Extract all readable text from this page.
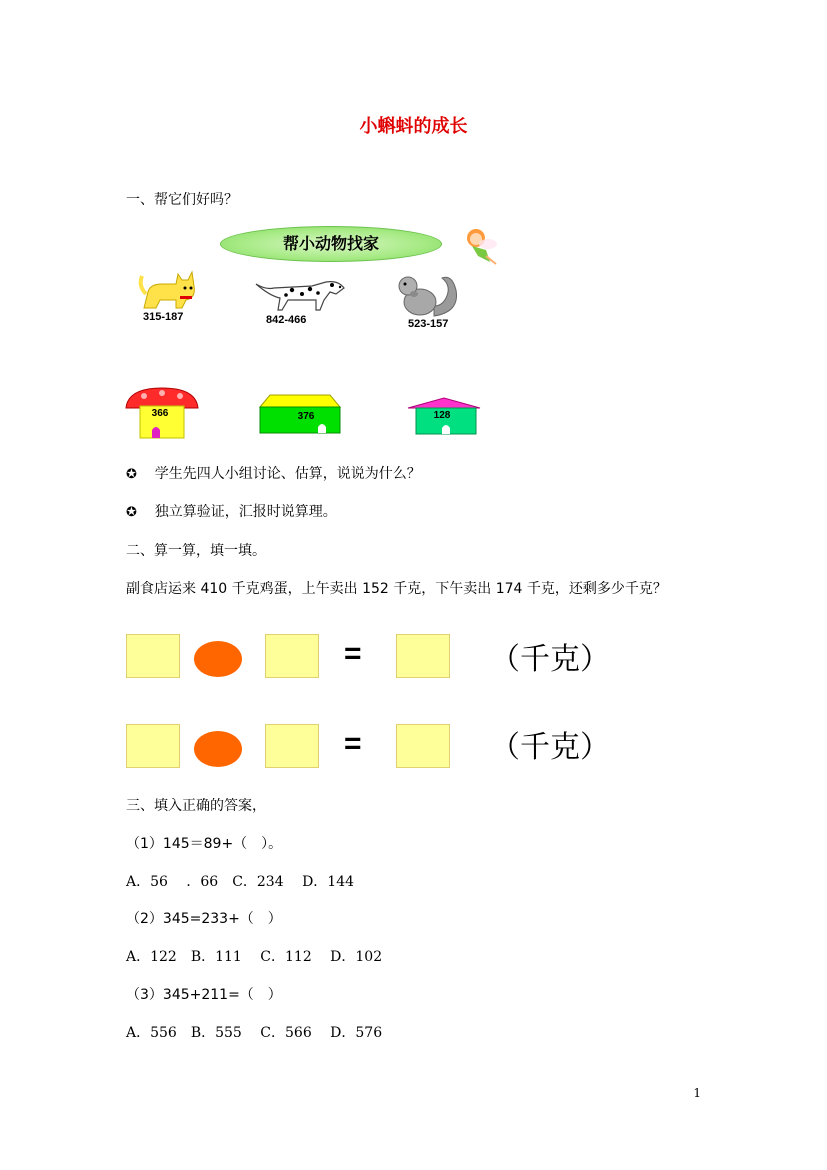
小蝌蚪的成长
一、帮它们好吗？
帮小动物找家
315-187	842-466	523-157
366	376	128
✪ 学生先四人小组讨论、估算，说说为什么？
✪ 独立算验证，汇报时说算理。
二、算一算，填一填。
副食店运来 410 千克鸡蛋，上午卖出 152 千克，下午卖出 174 千克，还剩多少千克？
=	（千克）
=	（千克）
三、填入正确的答案，
（1）145＝89+（　）。
A．56　 ．66　C．234　 D．144
（2）345=233+（　）
A．122　B．111　 C．112　 D．102
（3）345+211=（　）
A．556　B．555　 C．566　 D．576
1
